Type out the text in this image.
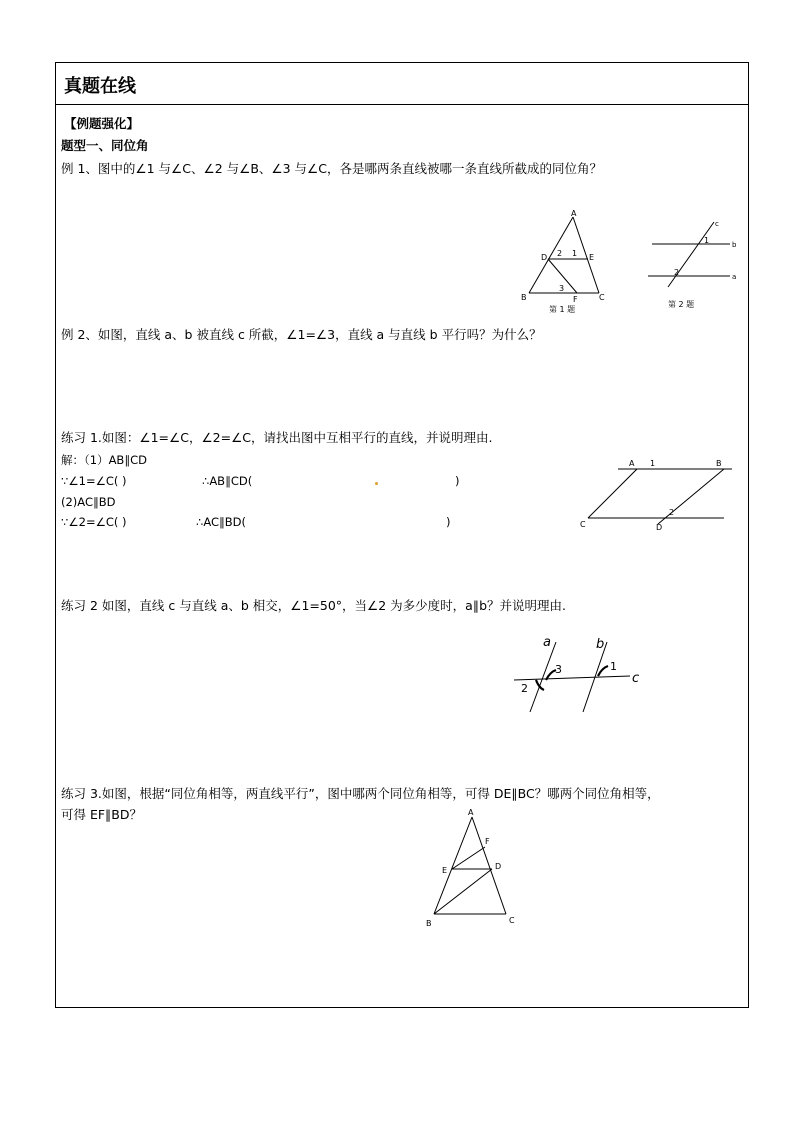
真题在线
【例题强化】
题型一、同位角
例 1、图中的∠1 与∠C、∠2 与∠B、∠3 与∠C，各是哪两条直线被哪一条直线所截成的同位角？
A
B	C
D	E
F
1
2
3
第 1 题
c
b
a
1
2
第 2 题
例 2、如图，直线 a、b 被直线 c 所截，∠1=∠3，直线 a 与直线 b 平行吗？为什么？
练习 1.如图：∠1=∠C，∠2=∠C，请找出图中互相平行的直线，并说明理由.
解：（1）AB∥CD
∵∠1=∠C( )	∴AB∥CD(	)
(2)AC∥BD
∵∠2=∠C( )	∴AC∥BD(	)
A 1	B
C	D
2
练习 2 如图，直线 c 与直线 a、b 相交，∠1=50°，当∠2 为多少度时，a∥b？并说明理由.
a	b
c
3
2
1
练习 3.如图，根据“同位角相等，两直线平行”，图中哪两个同位角相等，可得 DE∥BC？哪两个同位角相等，
可得 EF∥BD？	A
F
E	D
B	C
